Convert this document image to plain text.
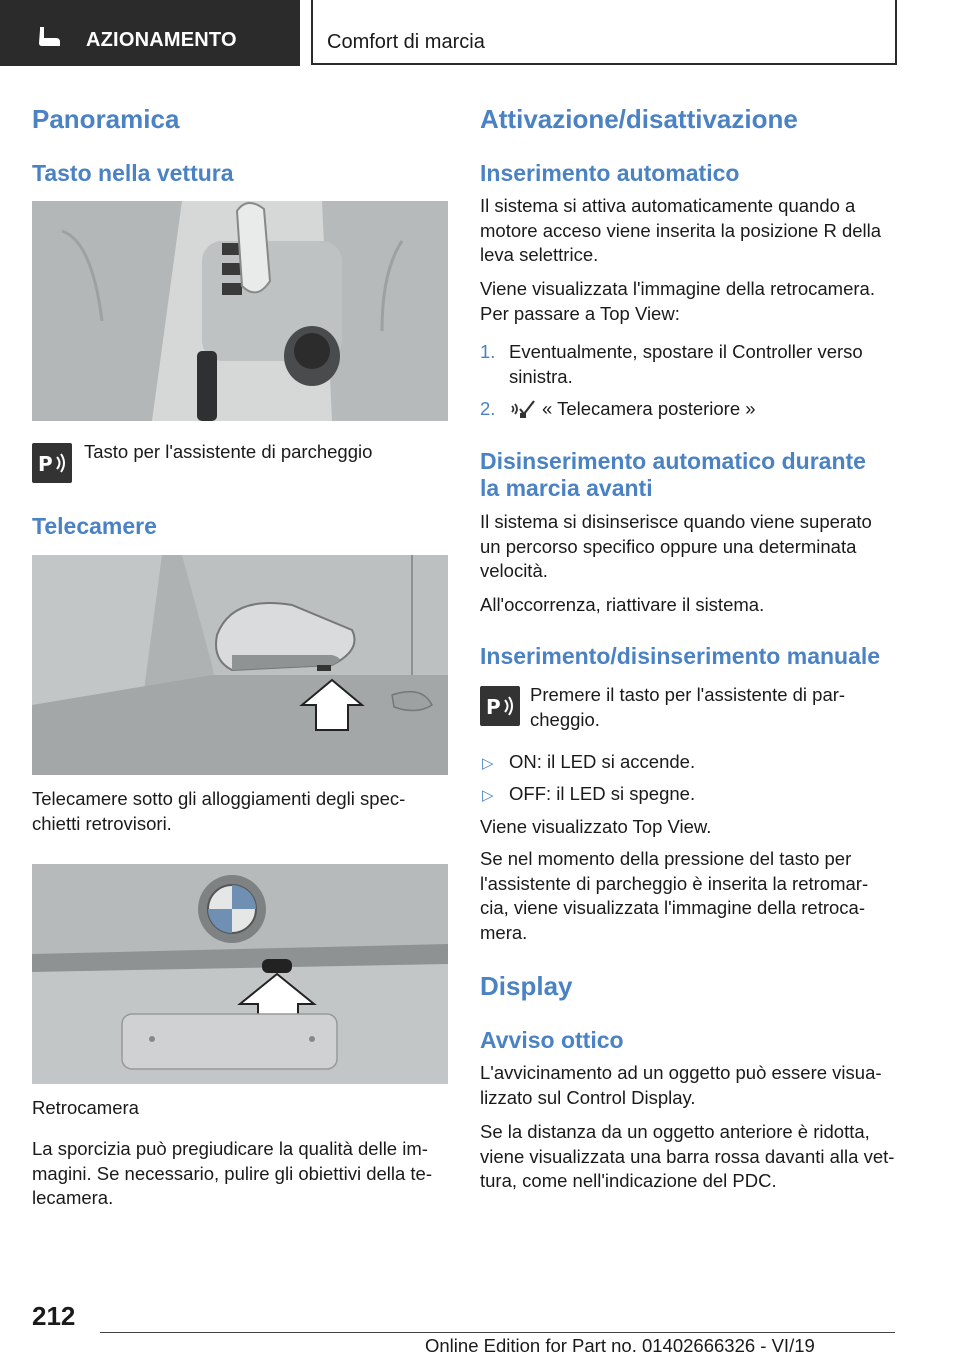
AZIONAMENTO	Comfort di marcia
Panoramica
Tasto nella vettura
P
Tasto per l'assistente di parcheggio
Telecamere
Telecamere sotto gli alloggiamenti degli spec-
chietti retrovisori.
Retrocamera
La sporcizia può pregiudicare la qualità delle im-
magini. Se necessario, pulire gli obiettivi della te-
lecamera.
Attivazione/disattivazione
Inserimento automatico
Il sistema si attiva automaticamente quando a
motore acceso viene inserita la posizione R della
leva selettrice.
Viene visualizzata l'immagine della retrocamera.
Per passare a Top View:
1. Eventualmente, spostare il Controller verso
sinistra.
2.	« Telecamera posteriore »
Disinserimento automatico durante
la marcia avanti
Il sistema si disinserisce quando viene superato
un percorso specifico oppure una determinata
velocità.
All'occorrenza, riattivare il sistema.
Inserimento/disinserimento manuale
P
Premere il tasto per l'assistente di par-
cheggio.
▷ ON: il LED si accende.
▷ OFF: il LED si spegne.
Viene visualizzato Top View.
Se nel momento della pressione del tasto per
l'assistente di parcheggio è inserita la retromar-
cia, viene visualizzata l'immagine della retroca-
mera.
Display
Avviso ottico
L'avvicinamento ad un oggetto può essere visua-
lizzato sul Control Display.
Se la distanza da un oggetto anteriore è ridotta,
viene visualizzata una barra rossa davanti alla vet-
tura, come nell'indicazione del PDC.
212
Online Edition for Part no. 01402666326 - VI/19
